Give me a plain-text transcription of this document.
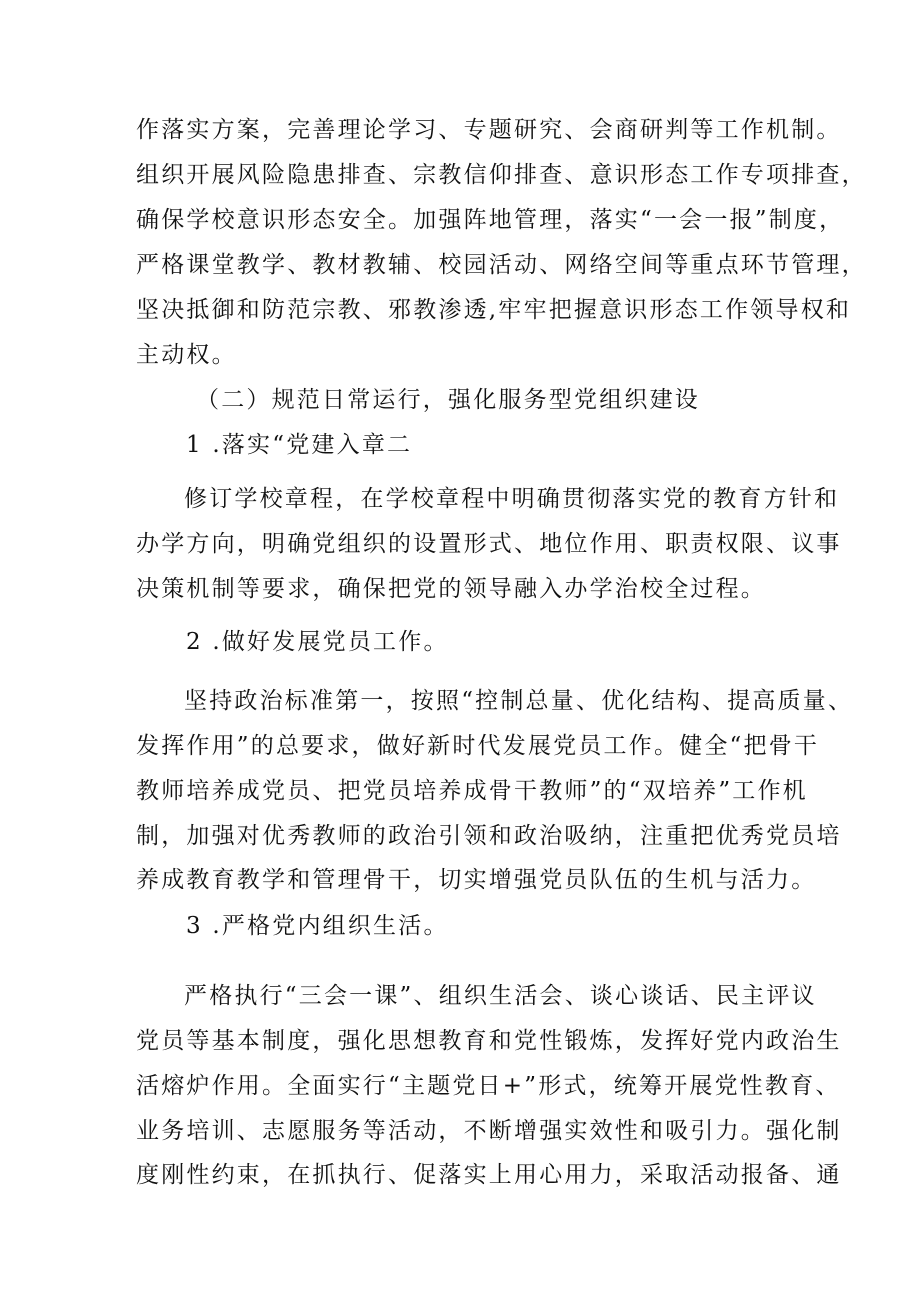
作落实方案，完善理论学习、专题研究、会商研判等工作机制。
组织开展风险隐患排查、宗教信仰排查、意识形态工作专项排查，
确保学校意识形态安全。加强阵地管理，落实“一会一报”制度，
严格课堂教学、教材教辅、校园活动、网络空间等重点环节管理，
坚决抵御和防范宗教、邪教渗透,牢牢把握意识形态工作领导权和
主动权。
（二）规范日常运行，强化服务型党组织建设
1 .落实“党建入章二
修订学校章程，在学校章程中明确贯彻落实党的教育方针和
办学方向，明确党组织的设置形式、地位作用、职责权限、议事
决策机制等要求，确保把党的领导融入办学治校全过程。
2 .做好发展党员工作。
坚持政治标准第一，按照“控制总量、优化结构、提高质量、
发挥作用”的总要求，做好新时代发展党员工作。健全“把骨干
教师培养成党员、把党员培养成骨干教师”的“双培养”工作机
制，加强对优秀教师的政治引领和政治吸纳，注重把优秀党员培
养成教育教学和管理骨干，切实增强党员队伍的生机与活力。
3 .严格党内组织生活。
严格执行“三会一课”、组织生活会、谈心谈话、民主评议
党员等基本制度，强化思想教育和党性锻炼，发挥好党内政治生
活熔炉作用。全面实行“主题党日+”形式，统筹开展党性教育、
业务培训、志愿服务等活动，不断增强实效性和吸引力。强化制
度刚性约束，在抓执行、促落实上用心用力，采取活动报备、通
